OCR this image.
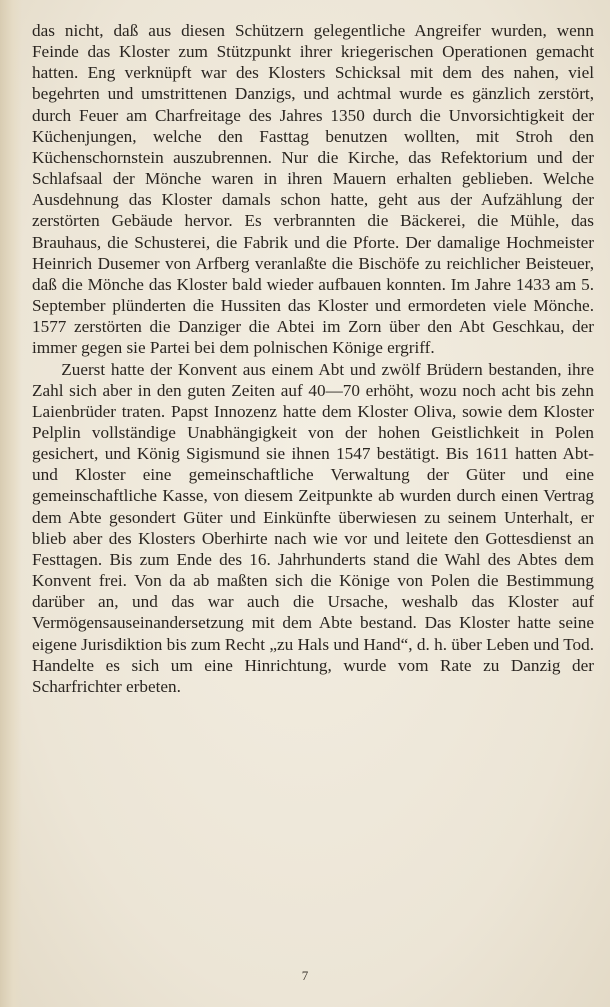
das nicht, daß aus diesen Schützern gelegentliche Angreifer wurden, wenn Feinde das Kloster zum Stützpunkt ihrer kriegerischen Operationen gemacht hatten. Eng verknüpft war des Klosters Schicksal mit dem des nahen, viel begehrten und umstrittenen Danzigs, und achtmal wurde es gänzlich zerstört, durch Feuer am Charfreitage des Jahres 1350 durch die Unvorsichtigkeit der Küchenjungen, welche den Fasttag benutzen wollten, mit Stroh den Küchenschornstein auszubrennen. Nur die Kirche, das Refektorium und der Schlafsaal der Mönche waren in ihren Mauern erhalten geblieben. Welche Ausdehnung das Kloster damals schon hatte, geht aus der Aufzählung der zerstörten Gebäude hervor. Es verbrannten die Bäckerei, die Mühle, das Brauhaus, die Schusterei, die Fabrik und die Pforte. Der damalige Hochmeister Heinrich Dusemer von Arfberg veranlaßte die Bischöfe zu reichlicher Beisteuer, daß die Mönche das Kloster bald wieder aufbauen konnten. Im Jahre 1433 am 5. September plünderten die Hussiten das Kloster und ermordeten viele Mönche. 1577 zerstörten die Danziger die Abtei im Zorn über den Abt Geschkau, der immer gegen sie Partei bei dem polnischen Könige ergriff.

Zuerst hatte der Konvent aus einem Abt und zwölf Brüdern bestanden, ihre Zahl sich aber in den guten Zeiten auf 40—70 erhöht, wozu noch acht bis zehn Laienbrüder traten. Papst Innozenz hatte dem Kloster Oliva, sowie dem Kloster Pelplin vollständige Unabhängigkeit von der hohen Geistlichkeit in Polen gesichert, und König Sigismund sie ihnen 1547 bestätigt. Bis 1611 hatten Abt- und Kloster eine gemeinschaftliche Verwaltung der Güter und eine gemeinschaftliche Kasse, von diesem Zeitpunkte ab wurden durch einen Vertrag dem Abte gesondert Güter und Einkünfte überwiesen zu seinem Unterhalt, er blieb aber des Klosters Oberhirte nach wie vor und leitete den Gottesdienst an Festtagen. Bis zum Ende des 16. Jahrhunderts stand die Wahl des Abtes dem Konvent frei. Von da ab maßten sich die Könige von Polen die Bestimmung darüber an, und das war auch die Ursache, weshalb das Kloster auf Vermögensauseinandersetzung mit dem Abte bestand. Das Kloster hatte seine eigene Jurisdiktion bis zum Recht „zu Hals und Hand“, d. h. über Leben und Tod. Handelte es sich um eine Hinrichtung, wurde vom Rate zu Danzig der Scharfrichter erbeten.

7
